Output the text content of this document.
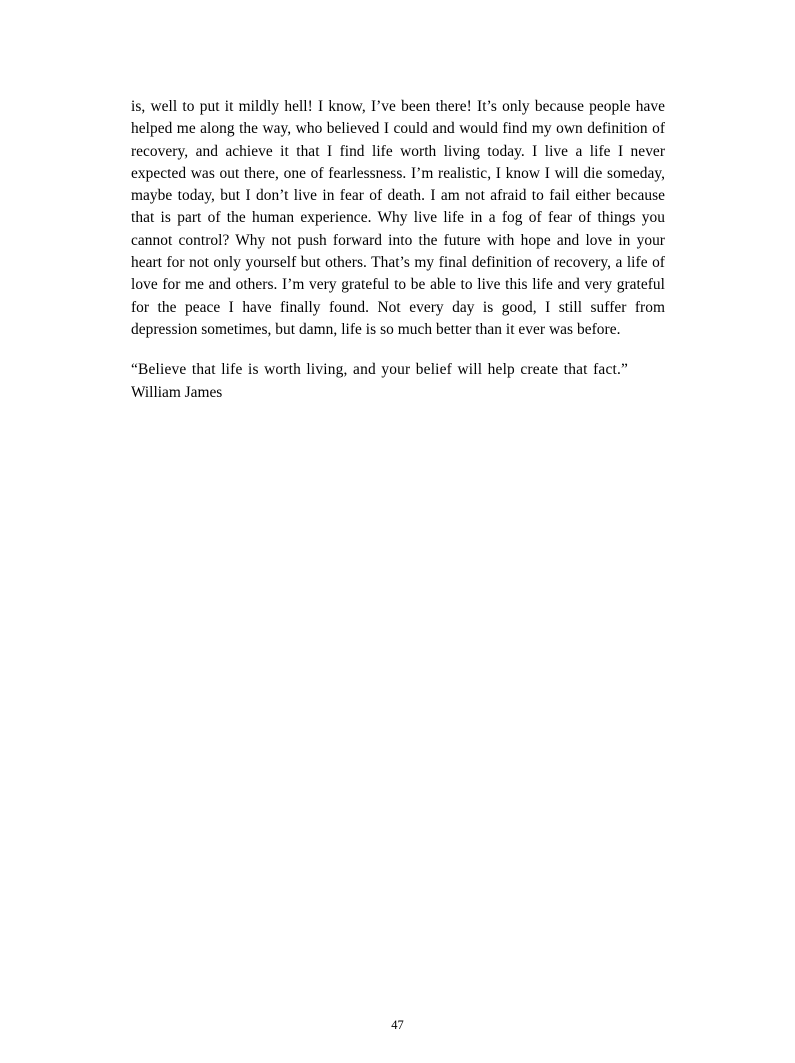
is, well to put it mildly hell! I know, I’ve been there! It’s only because people have helped me along the way, who believed I could and would find my own definition of recovery, and achieve it that I find life worth living today. I live a life I never expected was out there, one of fearlessness. I’m realistic, I know I will die someday, maybe today, but I don’t live in fear of death. I am not afraid to fail either because that is part of the human experience. Why live life in a fog of fear of things you cannot control? Why not push forward into the future with hope and love in your heart for not only yourself but others. That’s my final definition of recovery, a life of love for me and others. I’m very grateful to be able to live this life and very grateful for the peace I have finally found. Not every day is good, I still suffer from depression sometimes, but damn, life is so much better than it ever was before.

“Believe that life is worth living, and your belief will help create that fact.”

William James

47
